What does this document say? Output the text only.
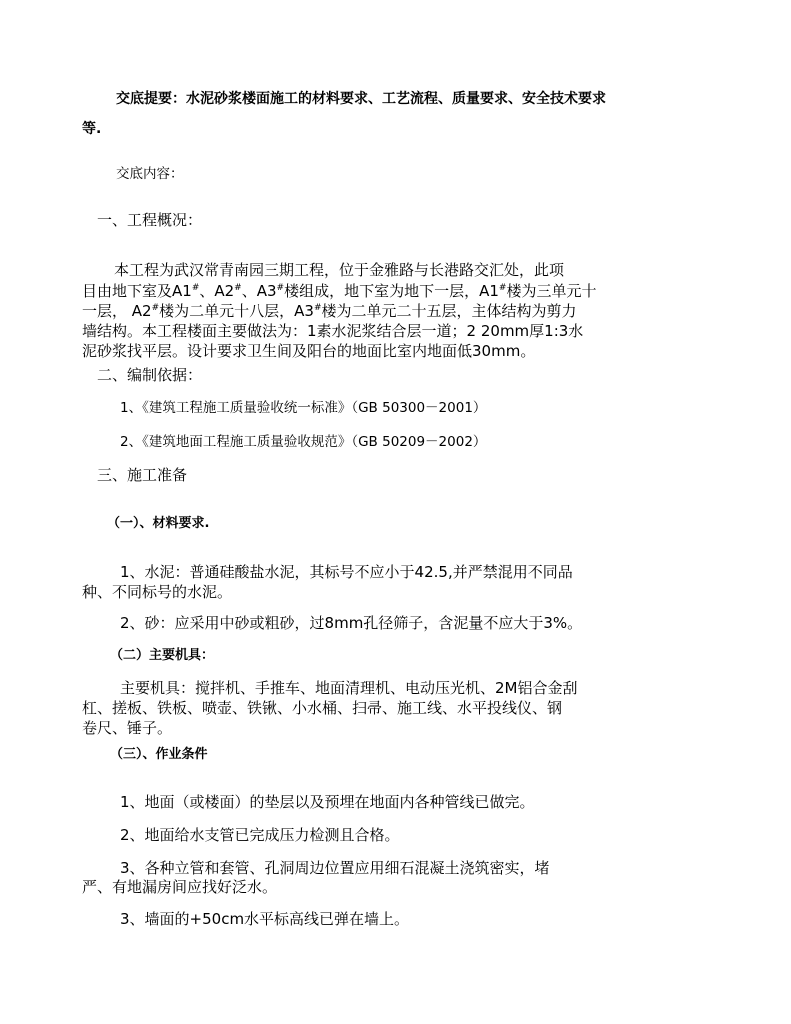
交底提要：水泥砂浆楼面施工的材料要求、工艺流程、质量要求、安全技术要求
等.
交底内容：
一、工程概况：
本工程为武汉常青南园三期工程，位于金雅路与长港路交汇处，此项
目由地下室及A1#、A2#、A3#楼组成，地下室为地下一层，A1#楼为三单元十
一层， A2#楼为二单元十八层，A3#楼为二单元二十五层，主体结构为剪力
墙结构。本工程楼面主要做法为：1素水泥浆结合层一道；2 20mm厚1:3水
泥砂浆找平层。设计要求卫生间及阳台的地面比室内地面低30mm。
二、编制依据：
1、《建筑工程施工质量验收统一标准》（GB 50300－2001）
2、《建筑地面工程施工质量验收规范》（GB 50209－2002）
三、施工准备
（一）、材料要求.
1、水泥：普通硅酸盐水泥，其标号不应小于42.5,并严禁混用不同品
种、不同标号的水泥。
2、砂：应采用中砂或粗砂，过8mm孔径筛子，含泥量不应大于3%。
（二）主要机具：
主要机具：搅拌机、手推车、地面清理机、电动压光机、2M铝合金刮
杠、搓板、铁板、喷壶、铁锹、小水桶、扫帚、施工线、水平投线仪、钢
卷尺、锤子。
（三）、作业条件
1、地面（或楼面）的垫层以及预埋在地面内各种管线已做完。
2、地面给水支管已完成压力检测且合格。
3、各种立管和套管、孔洞周边位置应用细石混凝土浇筑密实，堵
严、有地漏房间应找好泛水。
3、墙面的+50cm水平标高线已弹在墙上。
